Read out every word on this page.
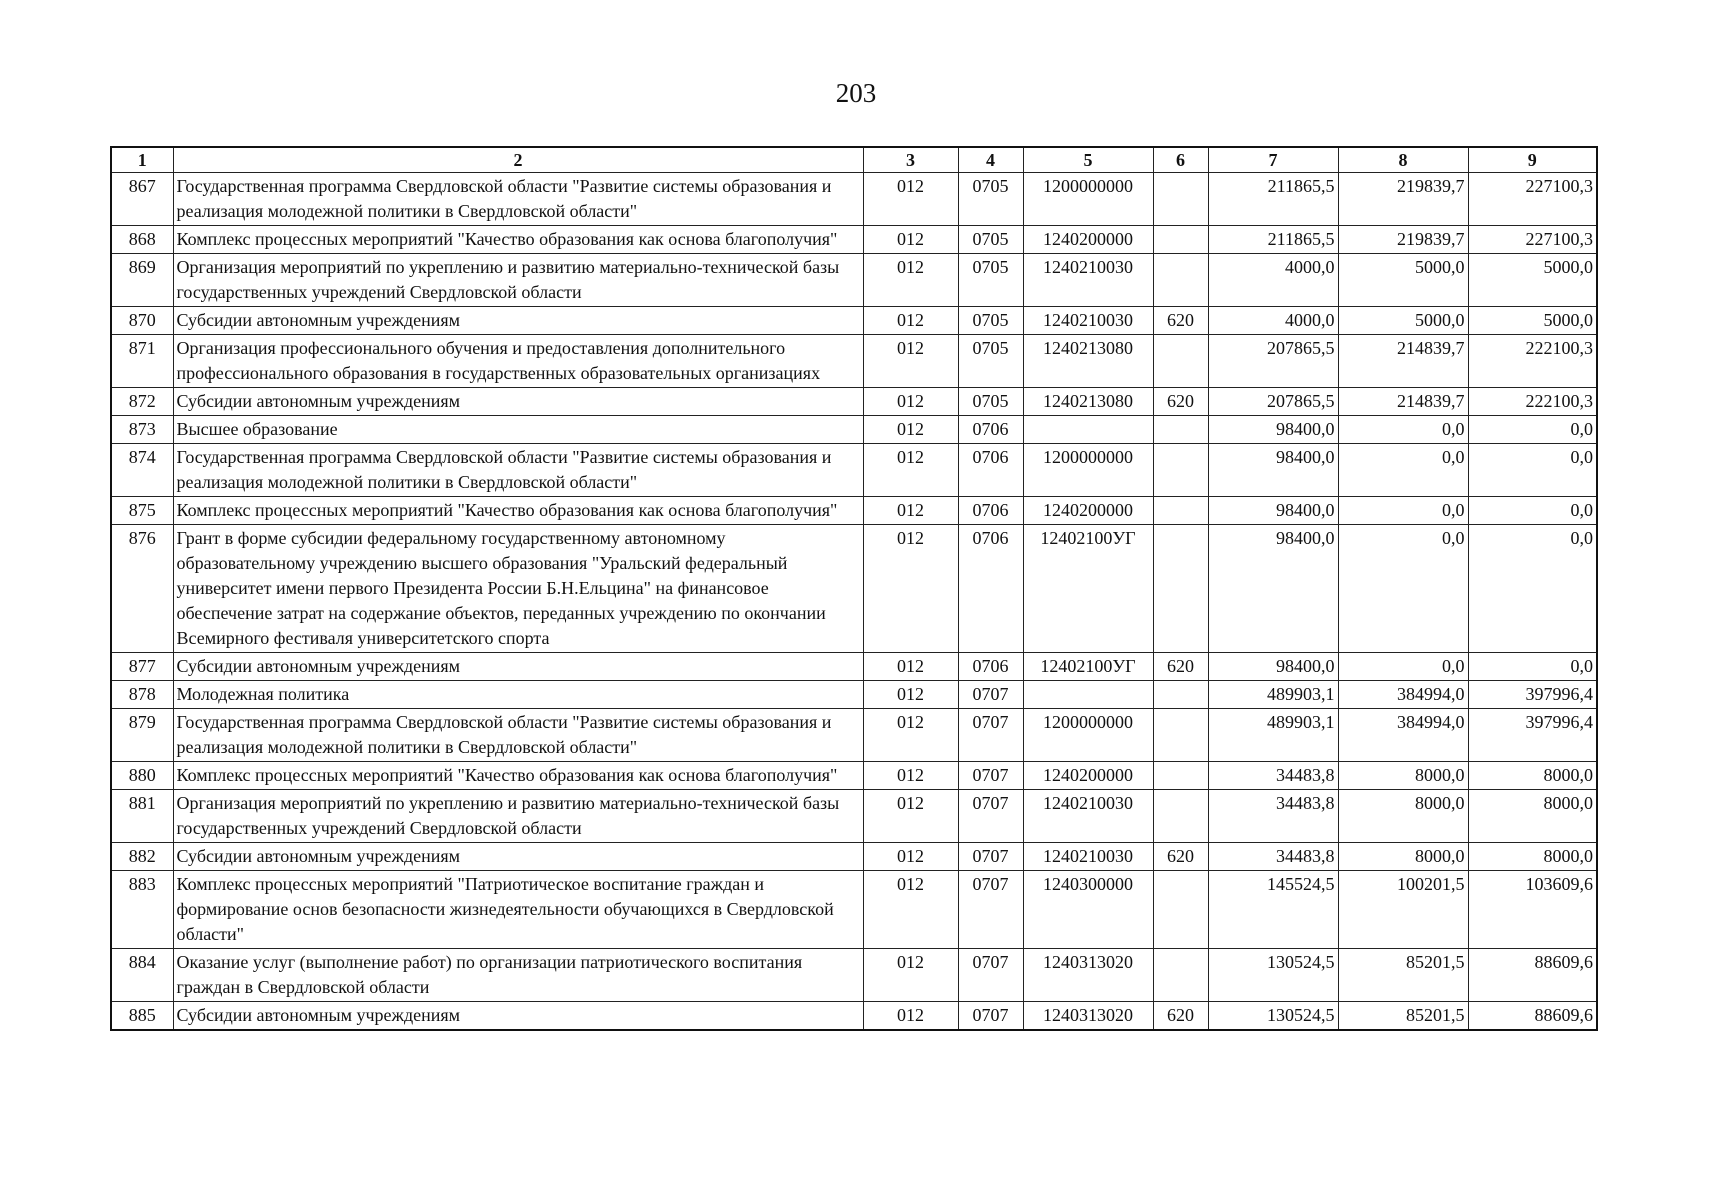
203
1	2	3	4	5	6	7	8	9
867	Государственная программа Свердловской области "Развитие системы образования и реализация молодежной политики в Свердловской области"	012	0705	1200000000		211865,5	219839,7	227100,3
868	Комплекс процессных мероприятий "Качество образования как основа благополучия"	012	0705	1240200000		211865,5	219839,7	227100,3
869	Организация мероприятий по укреплению и развитию материально-технической базы государственных учреждений Свердловской области	012	0705	1240210030		4000,0	5000,0	5000,0
870	Субсидии автономным учреждениям	012	0705	1240210030	620	4000,0	5000,0	5000,0
871	Организация профессионального обучения и предоставления дополнительного профессионального образования в государственных образовательных организациях	012	0705	1240213080		207865,5	214839,7	222100,3
872	Субсидии автономным учреждениям	012	0705	1240213080	620	207865,5	214839,7	222100,3
873	Высшее образование	012	0706			98400,0	0,0	0,0
874	Государственная программа Свердловской области "Развитие системы образования и реализация молодежной политики в Свердловской области"	012	0706	1200000000		98400,0	0,0	0,0
875	Комплекс процессных мероприятий "Качество образования как основа благополучия"	012	0706	1240200000		98400,0	0,0	0,0
876	Грант в форме субсидии федеральному государственному автономному образовательному учреждению высшего образования "Уральский федеральный университет имени первого Президента России Б.Н.Ельцина" на финансовое обеспечение затрат на содержание объектов, переданных учреждению по окончании Всемирного фестиваля университетского спорта	012	0706	12402100УГ		98400,0	0,0	0,0
877	Субсидии автономным учреждениям	012	0706	12402100УГ	620	98400,0	0,0	0,0
878	Молодежная политика	012	0707			489903,1	384994,0	397996,4
879	Государственная программа Свердловской области "Развитие системы образования и реализация молодежной политики в Свердловской области"	012	0707	1200000000		489903,1	384994,0	397996,4
880	Комплекс процессных мероприятий "Качество образования как основа благополучия"	012	0707	1240200000		34483,8	8000,0	8000,0
881	Организация мероприятий по укреплению и развитию материально-технической базы государственных учреждений Свердловской области	012	0707	1240210030		34483,8	8000,0	8000,0
882	Субсидии автономным учреждениям	012	0707	1240210030	620	34483,8	8000,0	8000,0
883	Комплекс процессных мероприятий "Патриотическое воспитание граждан и формирование основ безопасности жизнедеятельности обучающихся в Свердловской области"	012	0707	1240300000		145524,5	100201,5	103609,6
884	Оказание услуг (выполнение работ) по организации патриотического воспитания граждан в Свердловской области	012	0707	1240313020		130524,5	85201,5	88609,6
885	Субсидии автономным учреждениям	012	0707	1240313020	620	130524,5	85201,5	88609,6
